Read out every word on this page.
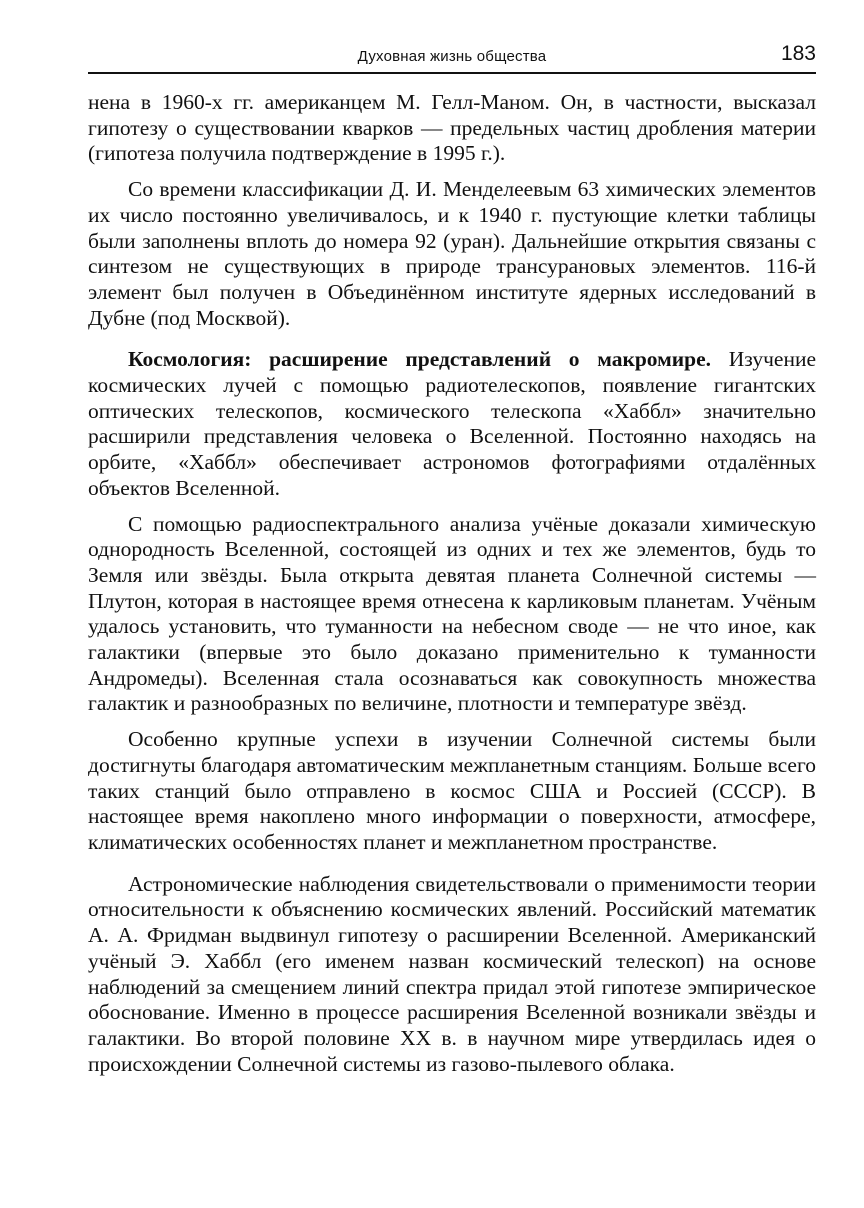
Духовная жизнь общества	183

нена в 1960-х гг. американцем М. Гелл-Маном. Он, в частности, высказал гипотезу о существовании кварков — предельных частиц дробления материи (гипотеза получила подтверждение в 1995 г.).

Со времени классификации Д. И. Менделеевым 63 химических элементов их число постоянно увеличивалось, и к 1940 г. пустующие клетки таблицы были заполнены вплоть до номера 92 (уран). Дальнейшие открытия связаны с синтезом не существующих в природе трансурановых элементов. 116-й элемент был получен в Объединённом институте ядерных исследований в Дубне (под Москвой).

Космология: расширение представлений о макромире. Изучение космических лучей с помощью радиотелескопов, появление гигантских оптических телескопов, космического телескопа «Хаббл» значительно расширили представления человека о Вселенной. Постоянно находясь на орбите, «Хаббл» обеспечивает астрономов фотографиями отдалённых объектов Вселенной.

С помощью радиоспектрального анализа учёные доказали химическую однородность Вселенной, состоящей из одних и тех же элементов, будь то Земля или звёзды. Была открыта девятая планета Солнечной системы — Плутон, которая в настоящее время отнесена к карликовым планетам. Учёным удалось установить, что туманности на небесном своде — не что иное, как галактики (впервые это было доказано применительно к туманности Андромеды). Вселенная стала осознаваться как совокупность множества галактик и разнообразных по величине, плотности и температуре звёзд.

Особенно крупные успехи в изучении Солнечной системы были достигнуты благодаря автоматическим межпланетным станциям. Больше всего таких станций было отправлено в космос США и Россией (СССР). В настоящее время накоплено много информации о поверхности, атмосфере, климатических особенностях планет и межпланетном пространстве.

Астрономические наблюдения свидетельствовали о применимости теории относительности к объяснению космических явлений. Российский математик А. А. Фридман выдвинул гипотезу о расширении Вселенной. Американский учёный Э. Хаббл (его именем назван космический телескоп) на основе наблюдений за смещением линий спектра придал этой гипотезе эмпирическое обоснование. Именно в процессе расширения Вселенной возникали звёзды и галактики. Во второй половине XX в. в научном мире утвердилась идея о происхождении Солнечной системы из газово-пылевого облака.
